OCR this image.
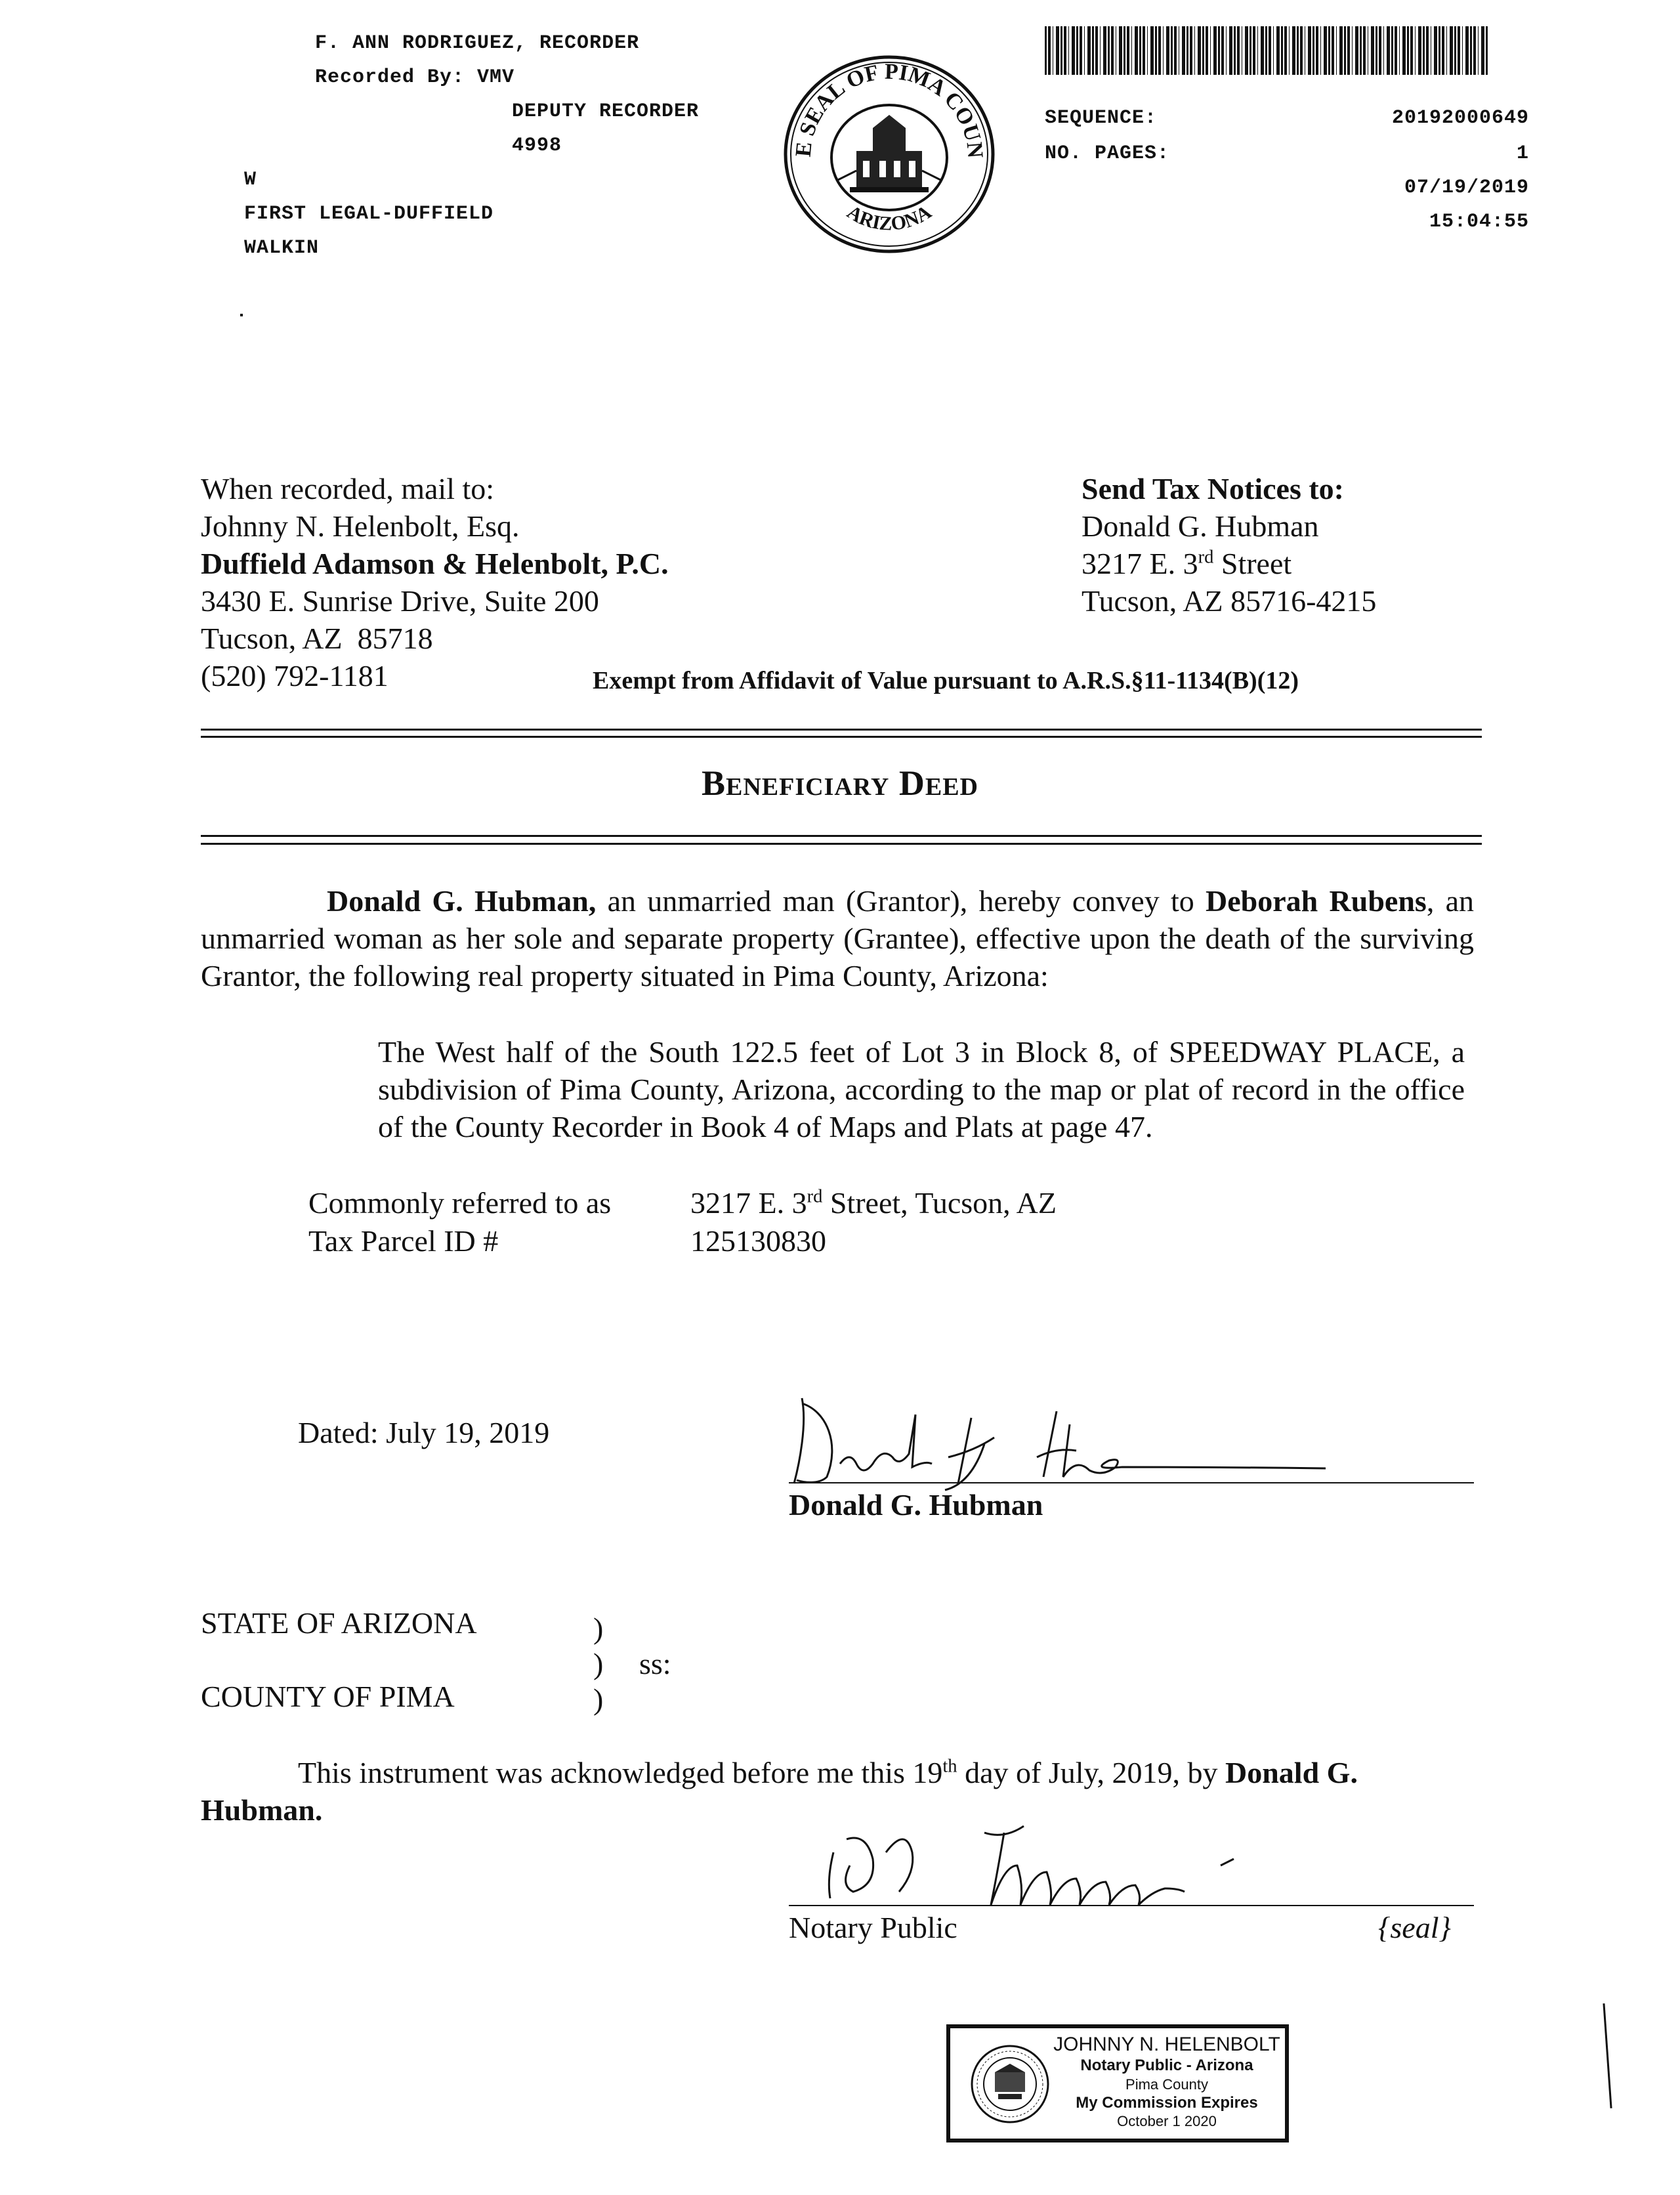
F. ANN RODRIGUEZ, RECORDER
Recorded By: VMV
DEPUTY RECORDER
4998
W
FIRST LEGAL-DUFFIELD
WALKIN
E SEAL OF PIMA COUN
ARIZONA
SEQUENCE:	20192000649
NO. PAGES:	1
07/19/2019
15:04:55
When recorded, mail to:
Johnny N. Helenbolt, Esq.
Duffield Adamson & Helenbolt, P.C.
3430 E. Sunrise Drive, Suite 200
Tucson, AZ  85718
(520) 792-1181
Send Tax Notices to:
Donald G. Hubman
3217 E. 3rd Street
Tucson, AZ 85716-4215
Exempt from Affidavit of Value pursuant to A.R.S.§11-1134(B)(12)
Beneficiary Deed
Donald G. Hubman, an unmarried man (Grantor), hereby convey to Deborah Rubens, an unmarried woman as her sole and separate property (Grantee), effective upon the death of the surviving Grantor, the following real property situated in Pima County, Arizona:
The West half of the South 122.5 feet of Lot 3 in Block 8, of SPEEDWAY PLACE, a subdivision of Pima County, Arizona, according to the map or plat of record in the office of the County Recorder in Book 4 of Maps and Plats at page 47.
Commonly referred to as	3217 E. 3rd Street, Tucson, AZ
Tax Parcel ID #	125130830
Dated: July 19, 2019
Donald G. Hubman
STATE OF ARIZONA	)
) ss:
)
COUNTY OF PIMA
This instrument was acknowledged before me this 19th day of July, 2019, by Donald G.
Hubman.
Notary Public	{seal}
JOHNNY N. HELENBOLT
Notary Public - Arizona
Pima County
My Commission Expires
October 1 2020
